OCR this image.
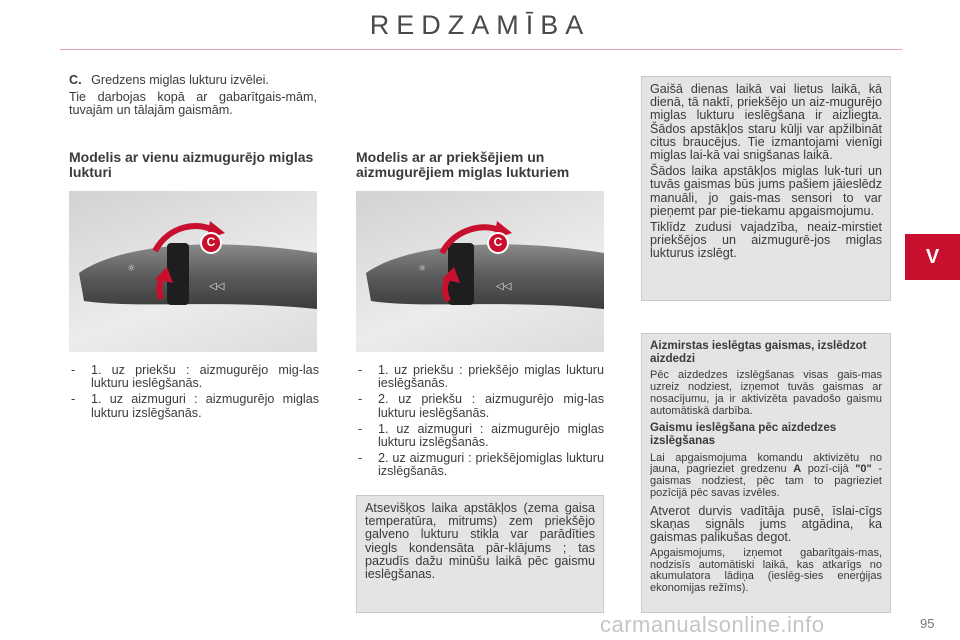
REDZAMĪBA
V
C. Gredzens miglas lukturu izvēlei.
Tie darbojas kopā ar gabarītgais-mām, tuvajām un tālajām gaismām.
Modelis ar vienu aizmugurējo miglas lukturi
Modelis ar ar priekšējiem un aizmugurējiem miglas lukturiem
☼
◁◁
C
☼
◁◁
C
- 1. uz priekšu : aizmugurējo mig-las lukturu ieslēgšanās.
- 1. uz aizmuguri : aizmugurējo miglas lukturu izslēgšanās.
- 1. uz priekšu : priekšējo miglas lukturu ieslēgšanās.
- 2. uz priekšu : aizmugurējo mig-las lukturu ieslēgšanās.
- 1. uz aizmuguri : aizmugurējo miglas lukturu izslēgšanās.
- 2. uz aizmuguri : priekšējomiglas lukturu izslēgšanās.
Atsevišķos laika apstākļos (zema gaisa temperatūra, mitrums) zem priekšējo galveno lukturu stikla var parādīties viegls kondensāta pār-klājums ; tas pazudīs dažu minūšu laikā pēc gaismu ieslēgšanas.
Gaišā dienas laikā vai lietus laikā, kā dienā, tā naktī, priekšējo un aiz-mugurējo miglas lukturu ieslēgšana ir aizliegta. Šādos apstākļos staru kūlji var apžilbināt citus braucējus. Tie izmantojami vienīgi miglas lai-kā vai snigšanas laikā.
Šādos laika apstākļos miglas luk-turi un tuvās gaismas būs jums pašiem jāieslēdz manuāli, jo gais-mas sensori to var pieņemt par pie-tiekamu apgaismojumu.
Tiklīdz zudusi vajadzība, neaiz-mirstiet priekšējos un aizmugurē-jos miglas lukturus izslēgt.
Aizmirstas ieslēgtas gaismas, izslēdzot aizdedzi
Pēc aizdedzes izslēgšanas visas gais-mas uzreiz nodziest, izņemot tuvās gaismas ar nosacījumu, ja ir aktivizēta pavadošo gaismu automātiskā darbība.
Gaismu ieslēgšana pēc aizdedzes izslēgšanas
Lai apgaismojuma komandu aktivizētu no jauna, pagrieziet gredzenu A pozī-cijā "0" - gaismas nodziest, pēc tam to pagrieziet pozīcijā pēc savas izvēles.
Atverot durvis vadītāja pusē, īslai-cīgs skaņas signāls jums atgādina, ka gaismas palikušas degot.
Apgaismojums, izņemot gabarītgais-mas, nodzisīs automātiski laikā, kas atkarīgs no akumulatora lādiņa (ieslēg-sies enerģijas ekonomijas režīms).
carmanualsonline.info	95
